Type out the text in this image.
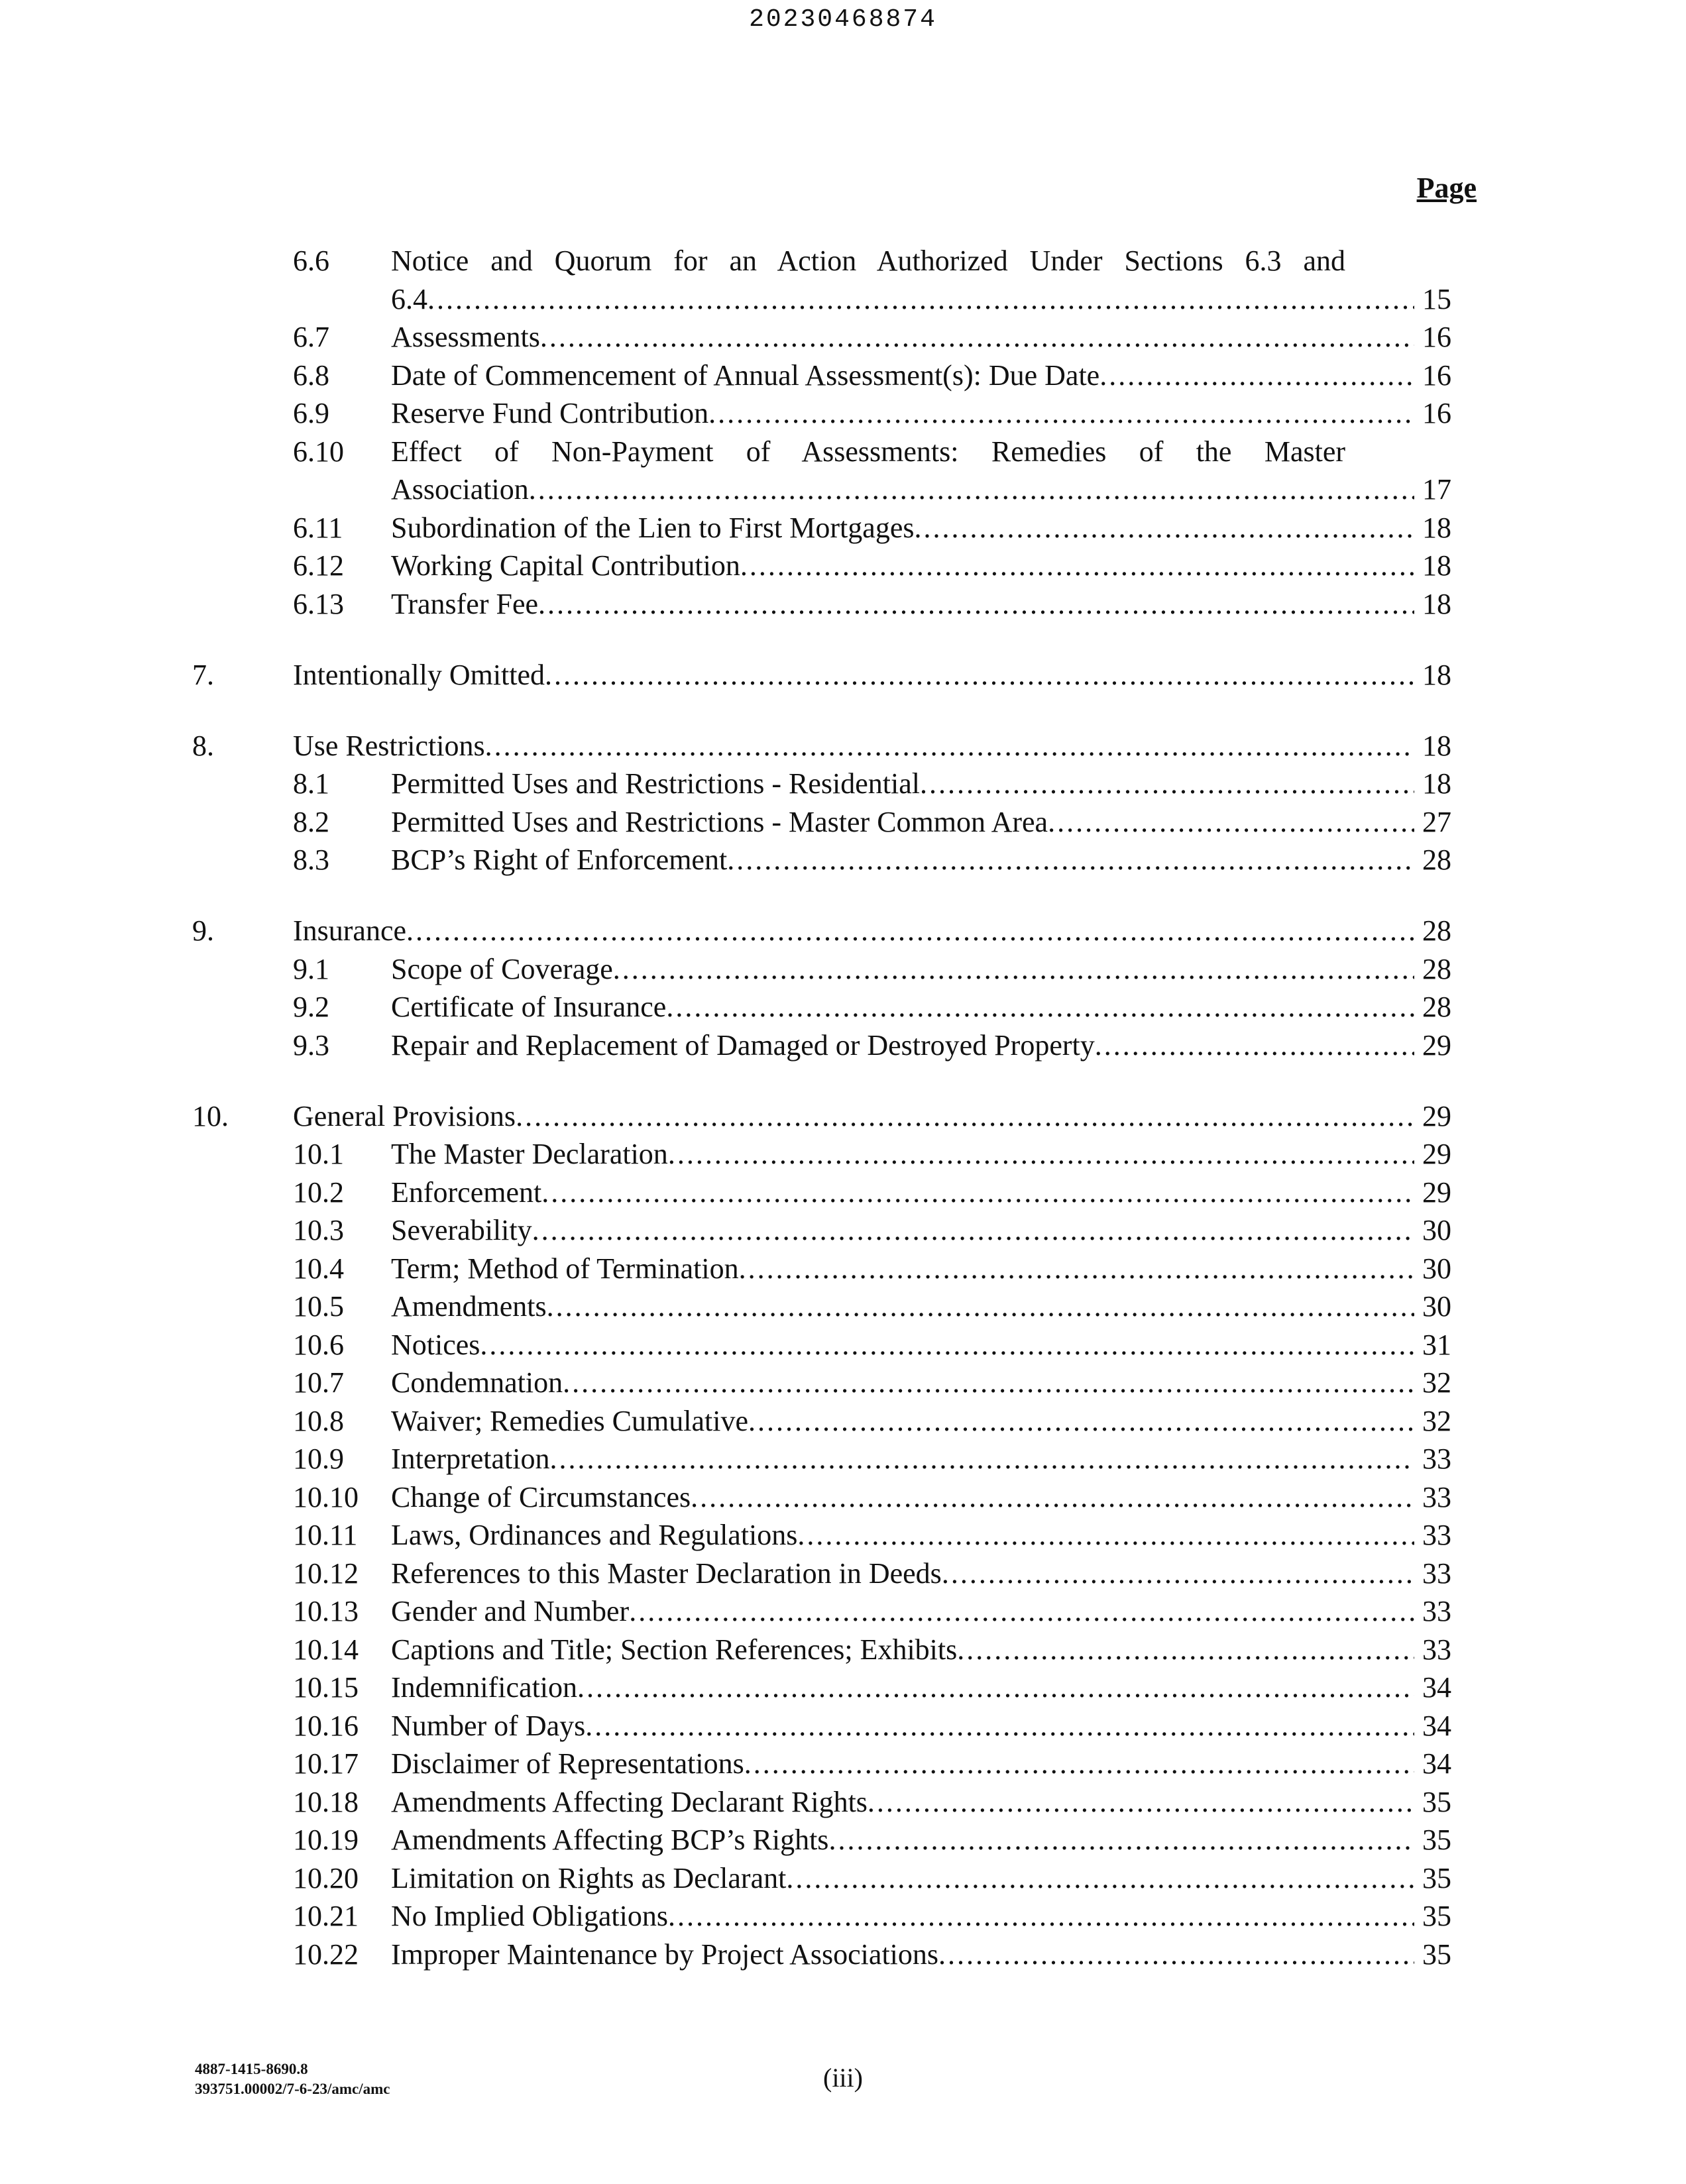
20230468874
Page
6.6 Notice and Quorum for an Action Authorized Under Sections 6.3 and
6.4 . . .	15
6.7 Assessments . . .	16
6.8 Date of Commencement of Annual Assessment(s): Due Date . . .	16
6.9 Reserve Fund Contribution . . .	16
6.10 Effect of Non-Payment of Assessments: Remedies of the Master
Association . . .	17
6.11 Subordination of the Lien to First Mortgages . . .	18
6.12 Working Capital Contribution . . .	18
6.13 Transfer Fee . . .	18
7.	Intentionally Omitted . . .	18
8.	Use Restrictions . . .	18
8.1 Permitted Uses and Restrictions - Residential . . .	18
8.2 Permitted Uses and Restrictions - Master Common Area . . .	27
8.3 BCP’s Right of Enforcement . . .	28
9.	Insurance . . .	28
9.1 Scope of Coverage . . .	28
9.2 Certificate of Insurance . . .	28
9.3 Repair and Replacement of Damaged or Destroyed Property . . .	29
10. General Provisions . . .	29
10.1 The Master Declaration . . .	29
10.2 Enforcement . . .	29
10.3 Severability . . .	30
10.4 Term; Method of Termination . . .	30
10.5 Amendments . . .	30
10.6 Notices . . .	31
10.7 Condemnation . . .	32
10.8 Waiver; Remedies Cumulative . . .	32
10.9 Interpretation . . .	33
10.10 Change of Circumstances . . .	33
10.11 Laws, Ordinances and Regulations . . .	33
10.12 References to this Master Declaration in Deeds . . .	33
10.13 Gender and Number . . .	33
10.14 Captions and Title; Section References; Exhibits . . .	33
10.15 Indemnification . . .	34
10.16 Number of Days . . .	34
10.17 Disclaimer of Representations . . .	34
10.18 Amendments Affecting Declarant Rights . . .	35
10.19 Amendments Affecting BCP’s Rights . . .	35
10.20 Limitation on Rights as Declarant . . .	35
10.21 No Implied Obligations . . .	35
10.22 Improper Maintenance by Project Associations . . .	35
4887-1415-8690.8
393751.00002/7-6-23/amc/amc	(iii)
